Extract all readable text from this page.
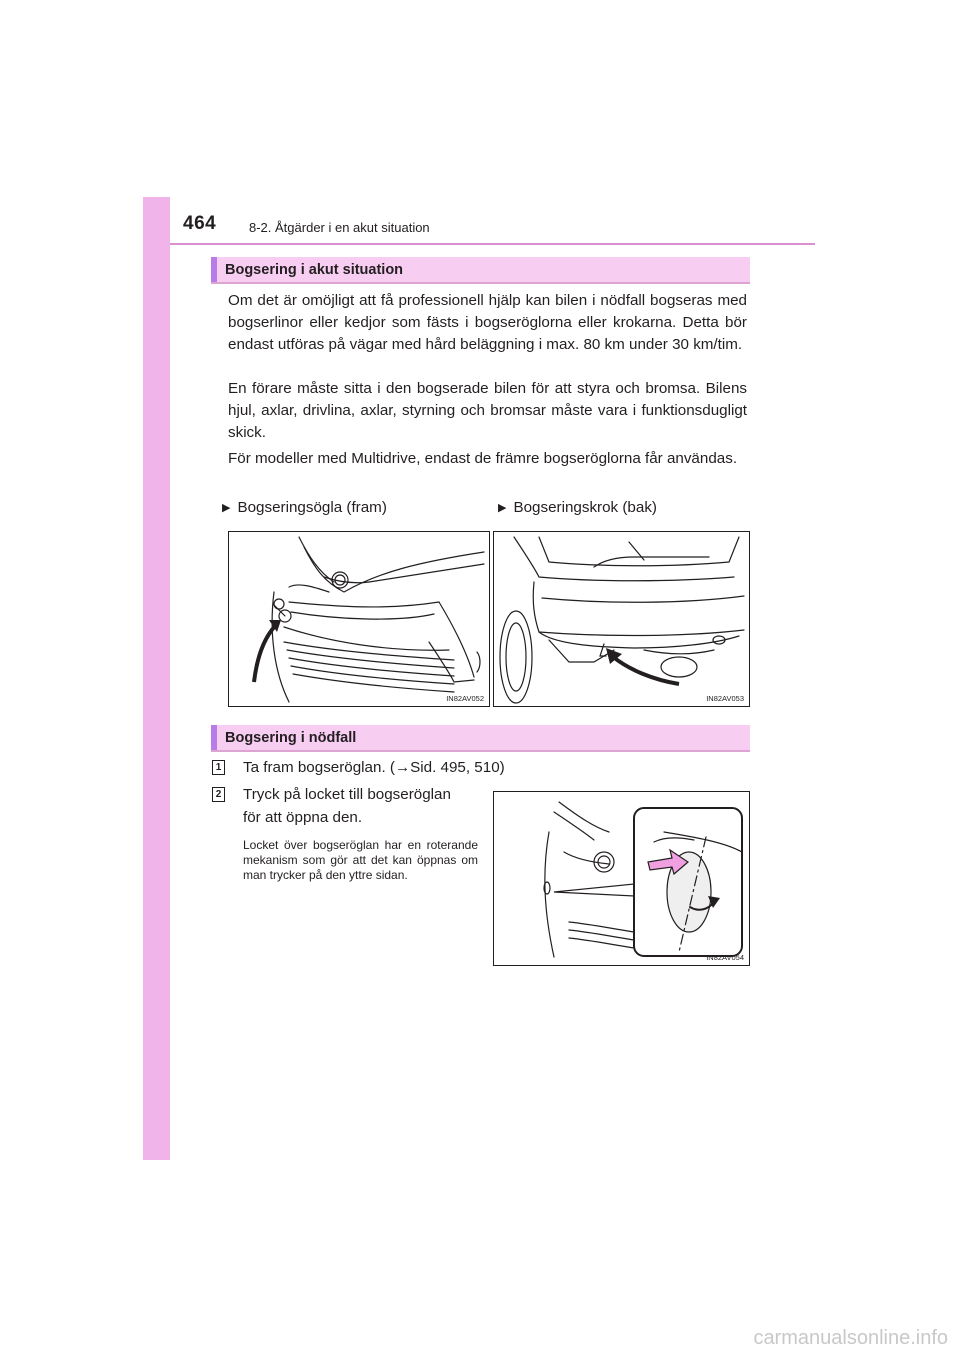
464	8-2. Åtgärder i en akut situation
Bogsering i akut situation
Om det är omöjligt att få professionell hjälp kan bilen i nödfall bogseras med bogserlinor eller kedjor som fästs i bogseröglorna eller krokarna. Detta bör endast utföras på vägar med hård beläggning i max. 80 km under 30 km/tim.
En förare måste sitta i den bogserade bilen för att styra och bromsa. Bilens hjul, axlar, drivlina, axlar, styrning och bromsar måste vara i funktionsdugligt skick.
För modeller med Multidrive, endast de främre bogseröglorna får användas.
▶ Bogseringsögla (fram)	▶ Bogseringskrok (bak)
IN82AV052	IN82AV053
Bogsering i nödfall
1 Ta fram bogseröglan. (→Sid. 495, 510)
2 Tryck på locket till bogseröglan
för att öppna den.
Locket över bogseröglan har en roterande mekanism som gör att det kan öppnas om man trycker på den yttre sidan.
IN82AV054
carmanualsonline.info
